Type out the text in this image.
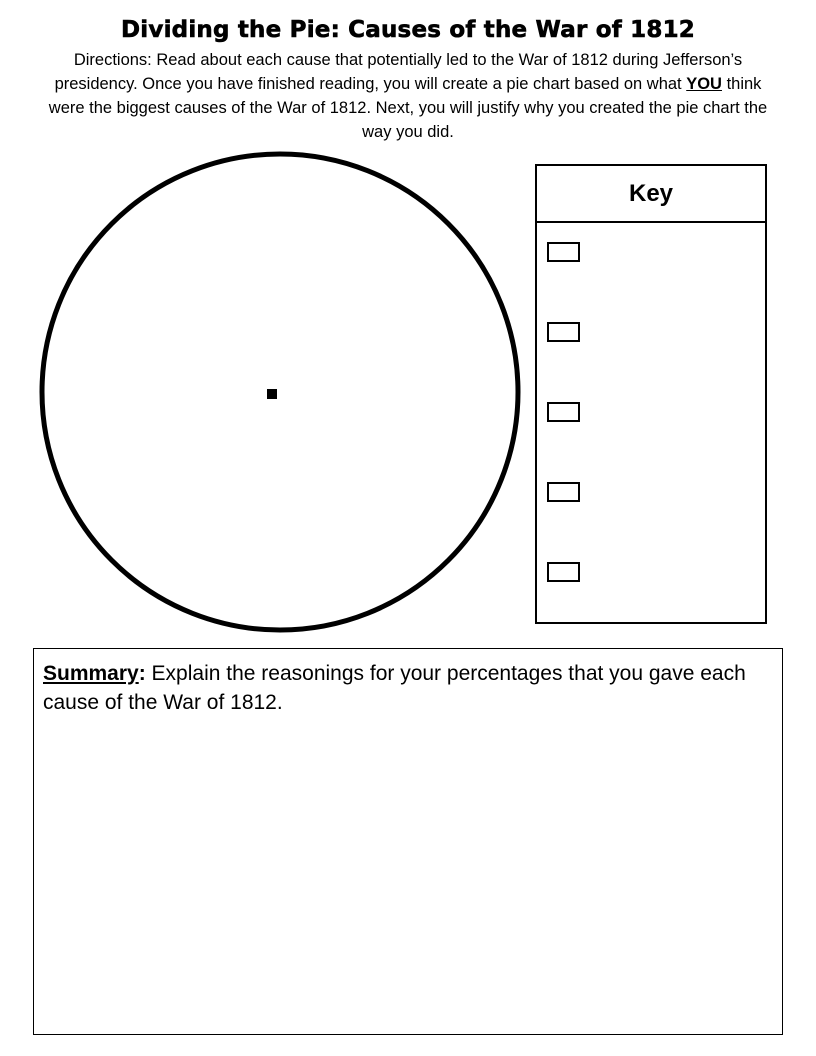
Dividing the Pie: Causes of the War of 1812
Directions: Read about each cause that potentially led to the War of 1812 during Jefferson’s presidency. Once you have finished reading, you will create a pie chart based on what YOU think were the biggest causes of the War of 1812. Next, you will justify why you created the pie chart the way you did.
Key
Summary: Explain the reasonings for your percentages that you gave each cause of the War of 1812.
